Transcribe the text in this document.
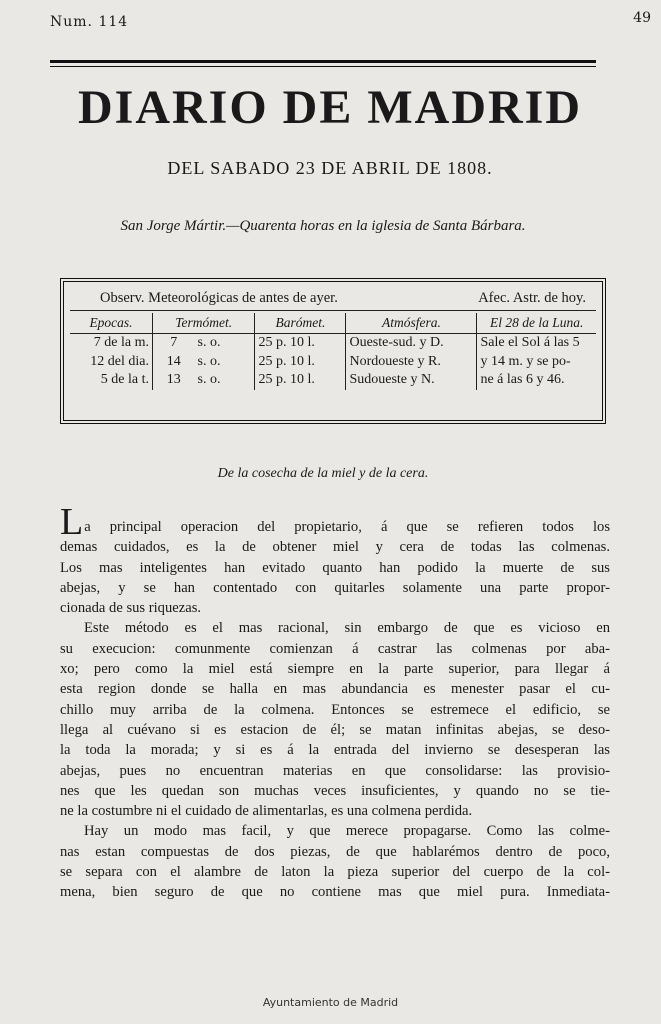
Num. 114	49
DIARIO DE MADRID
DEL SABADO 23 DE ABRIL DE 1808.
San Jorge Mártir.—Quarenta horas en la iglesia de Santa Bárbara.
Observ. Meteorológicas de antes de ayer.	Afec. Astr. de hoy.
Epocas.	Termómet.		Barómet.	Atmósfera.	El 28 de la Luna.
7 de la m.	7	s. o.	25 p. 10 l.	Oueste-sud. y D.	Sale el Sol á las 5
12 del dia.	14	s. o.	25 p. 10 l.	Nordoueste y R.	y 14 m. y se po-
5 de la t.	13	s. o.	25 p. 10 l.	Sudoueste y N.	ne á las 6 y 46.
De la cosecha de la miel y de la cera.
La principal operacion del propietario, á que se refieren todos los
demas cuidados, es la de obtener miel y cera de todas las colmenas.
Los mas inteligentes han evitado quanto han podido la muerte de sus
abejas, y se han contentado con quitarles solamente una parte propor-
cionada de sus riquezas.
Este método es el mas racional, sin embargo de que es vicioso en
su execucion: comunmente comienzan á castrar las colmenas por aba-
xo; pero como la miel está siempre en la parte superior, para llegar á
esta region donde se halla en mas abundancia es menester pasar el cu-
chillo muy arriba de la colmena. Entonces se estremece el edificio, se
llega al cuévano si es estacion de él; se matan infinitas abejas, se deso-
la toda la morada; y si es á la entrada del invierno se desesperan las
abejas, pues no encuentran materias en que consolidarse: las provisio-
nes que les quedan son muchas veces insuficientes, y quando no se tie-
ne la costumbre ni el cuidado de alimentarlas, es una colmena perdida.
Hay un modo mas facil, y que merece propagarse. Como las colme-
nas estan compuestas de dos piezas, de que hablarémos dentro de poco,
se separa con el alambre de laton la pieza superior del cuerpo de la col-
mena, bien seguro de que no contiene mas que miel pura. Inmediata-
Ayuntamiento de Madrid
